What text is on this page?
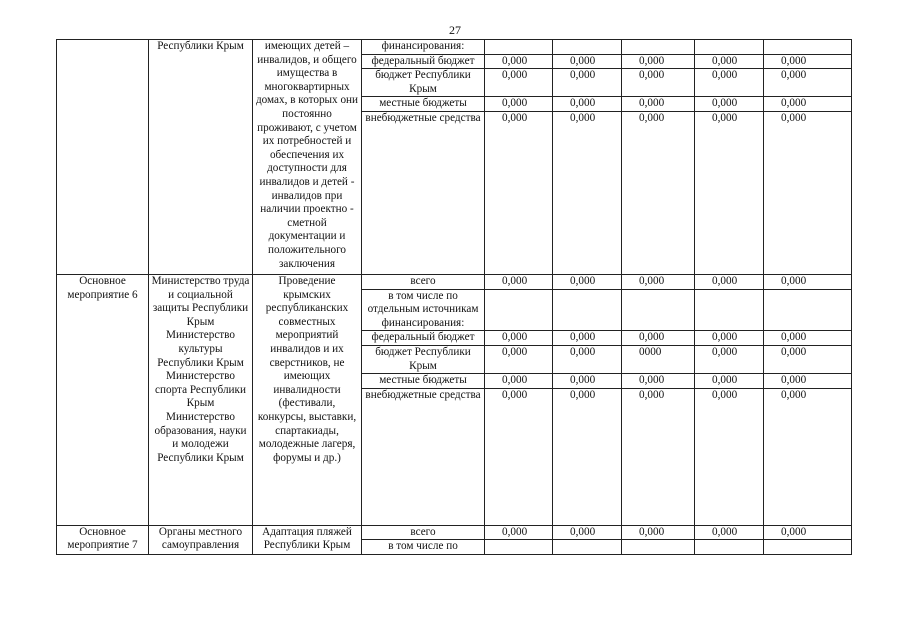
27
	Республики Крым	имеющих детей – инвалидов, и общего имущества в многоквартирных домах, в которых они постоянно проживают, с учетом их потребностей и обеспечения их доступности для инвалидов и детей - инвалидов при наличии проектно - сметной документации и положительного заключения	финансирования:					
			федеральный бюджет	0,000	0,000	0,000	0,000	0,000
			бюджет Республики Крым	0,000	0,000	0,000	0,000	0,000
			местные бюджеты	0,000	0,000	0,000	0,000	0,000
			внебюджетные средства	0,000	0,000	0,000	0,000	0,000
Основное мероприятие 6	Министерство труда и социальной защиты Республики Крым Министерство культуры Республики Крым Министерство спорта Республики Крым Министерство образования, науки и молодежи Республики Крым	Проведение крымских республиканских совместных мероприятий инвалидов и их сверстников, не имеющих инвалидности (фестивали, конкурсы, выставки, спартакиады, молодежные лагеря, форумы и др.)	всего	0,000	0,000	0,000	0,000	0,000
			в том числе по отдельным источникам финансирования:					
			федеральный бюджет	0,000	0,000	0,000	0,000	0,000
			бюджет Республики Крым	0,000	0,000	0000	0,000	0,000
			местные бюджеты	0,000	0,000	0,000	0,000	0,000
			внебюджетные средства	0,000	0,000	0,000	0,000	0,000
Основное мероприятие 7	Органы местного самоуправления	Адаптация пляжей Республики Крым	всего	0,000	0,000	0,000	0,000	0,000
			в том числе по					
